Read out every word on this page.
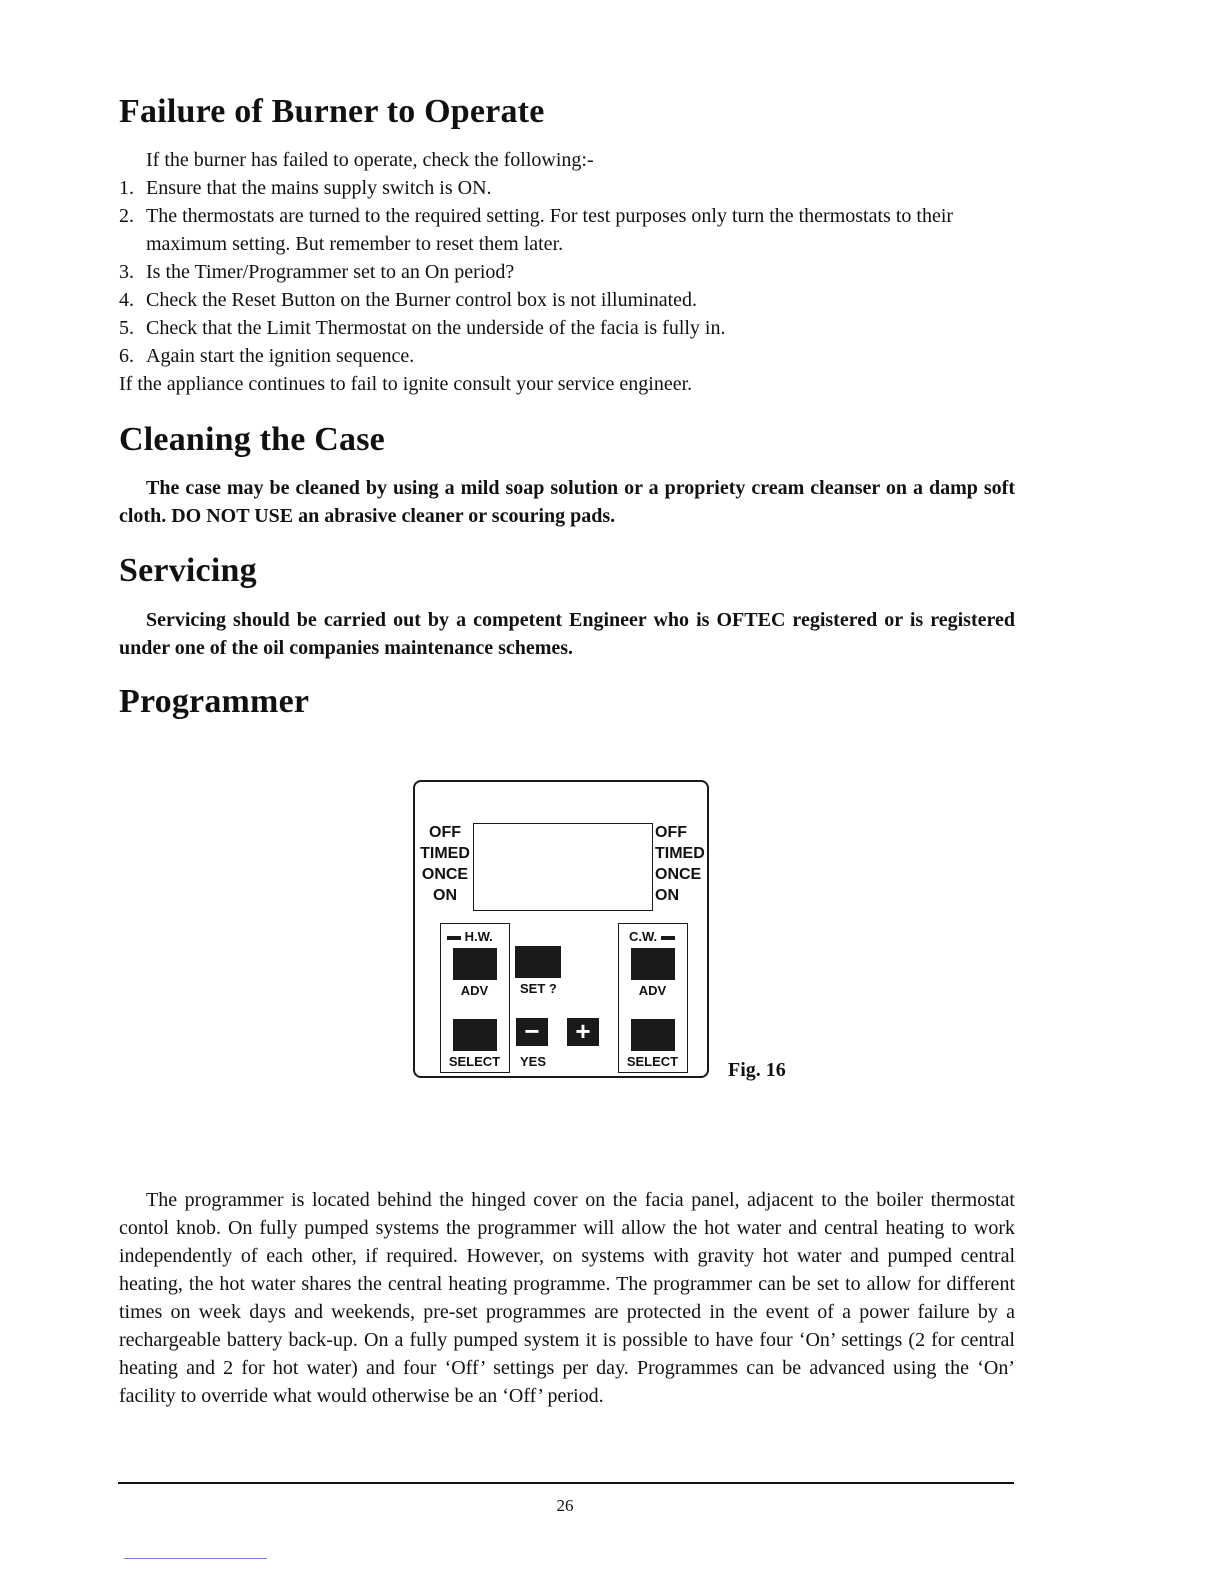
Failure of Burner to Operate

If the burner has failed to operate, check the following:-

1. Ensure that the mains supply switch is ON.
2. The thermostats are turned to the required setting. For test purposes only turn the thermostats to their maximum setting. But remember to reset them later.
3. Is the Timer/Programmer set to an On period?
4. Check the Reset Button on the Burner control box is not illuminated.
5. Check that the Limit Thermostat on the underside of the facia is fully in.
6. Again start the ignition sequence.

If the appliance continues to fail to ignite consult your service engineer.

Cleaning the Case

The case may be cleaned by using a mild soap solution or a propriety cream cleanser on a damp soft cloth. DO NOT USE an abrasive cleaner or scouring pads.

Servicing

Servicing should be carried out by a competent Engineer who is OFTEC registered or is registered under one of the oil companies maintenance schemes.

Programmer
OFF
TIMED
ONCE
ON
OFF
TIMED
ONCE
ON
H.W.
ADV
SELECT
SET ?
−	+
YES
C.W.
ADV
SELECT	Fig. 16

The programmer is located behind the hinged cover on the facia panel, adjacent to the boiler thermostat contol knob. On fully pumped systems the programmer will allow the hot water and central heating to work independently of each other, if required. However, on systems with gravity hot water and pumped central heating, the hot water shares the central heating programme. The programmer can be set to allow for different times on week days and weekends, pre-set programmes are protected in the event of a power failure by a rechargeable battery back-up. On a fully pumped system it is possible to have four ‘On’ settings (2 for central heating and 2 for hot water) and four ‘Off’ settings per day. Programmes can be advanced using the ‘On’ facility to override what would otherwise be an ‘Off’ period.

26
